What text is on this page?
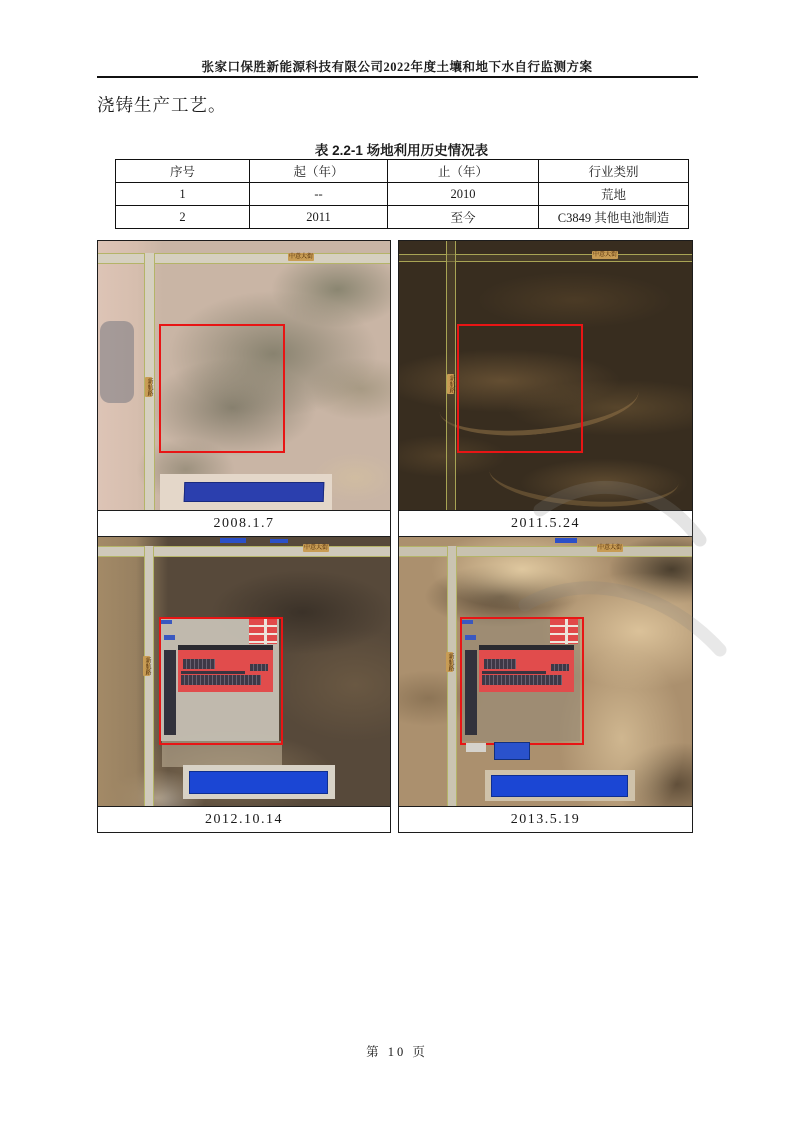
张家口保胜新能源科技有限公司2022年度土壤和地下水自行监测方案
浇铸生产工艺。
表 2.2-1 场地利用历史情况表
序号	起（年）	止（年）	行业类别
1	--	2010	荒地
2	2011	至今	C3849 其他电池制造
中意大街
新航路
中意大街
新航路
2008.1.7	2011.5.24
中意大街
新航路
中意大街
新航路
2012.10.14	2013.5.19
第 10 页
